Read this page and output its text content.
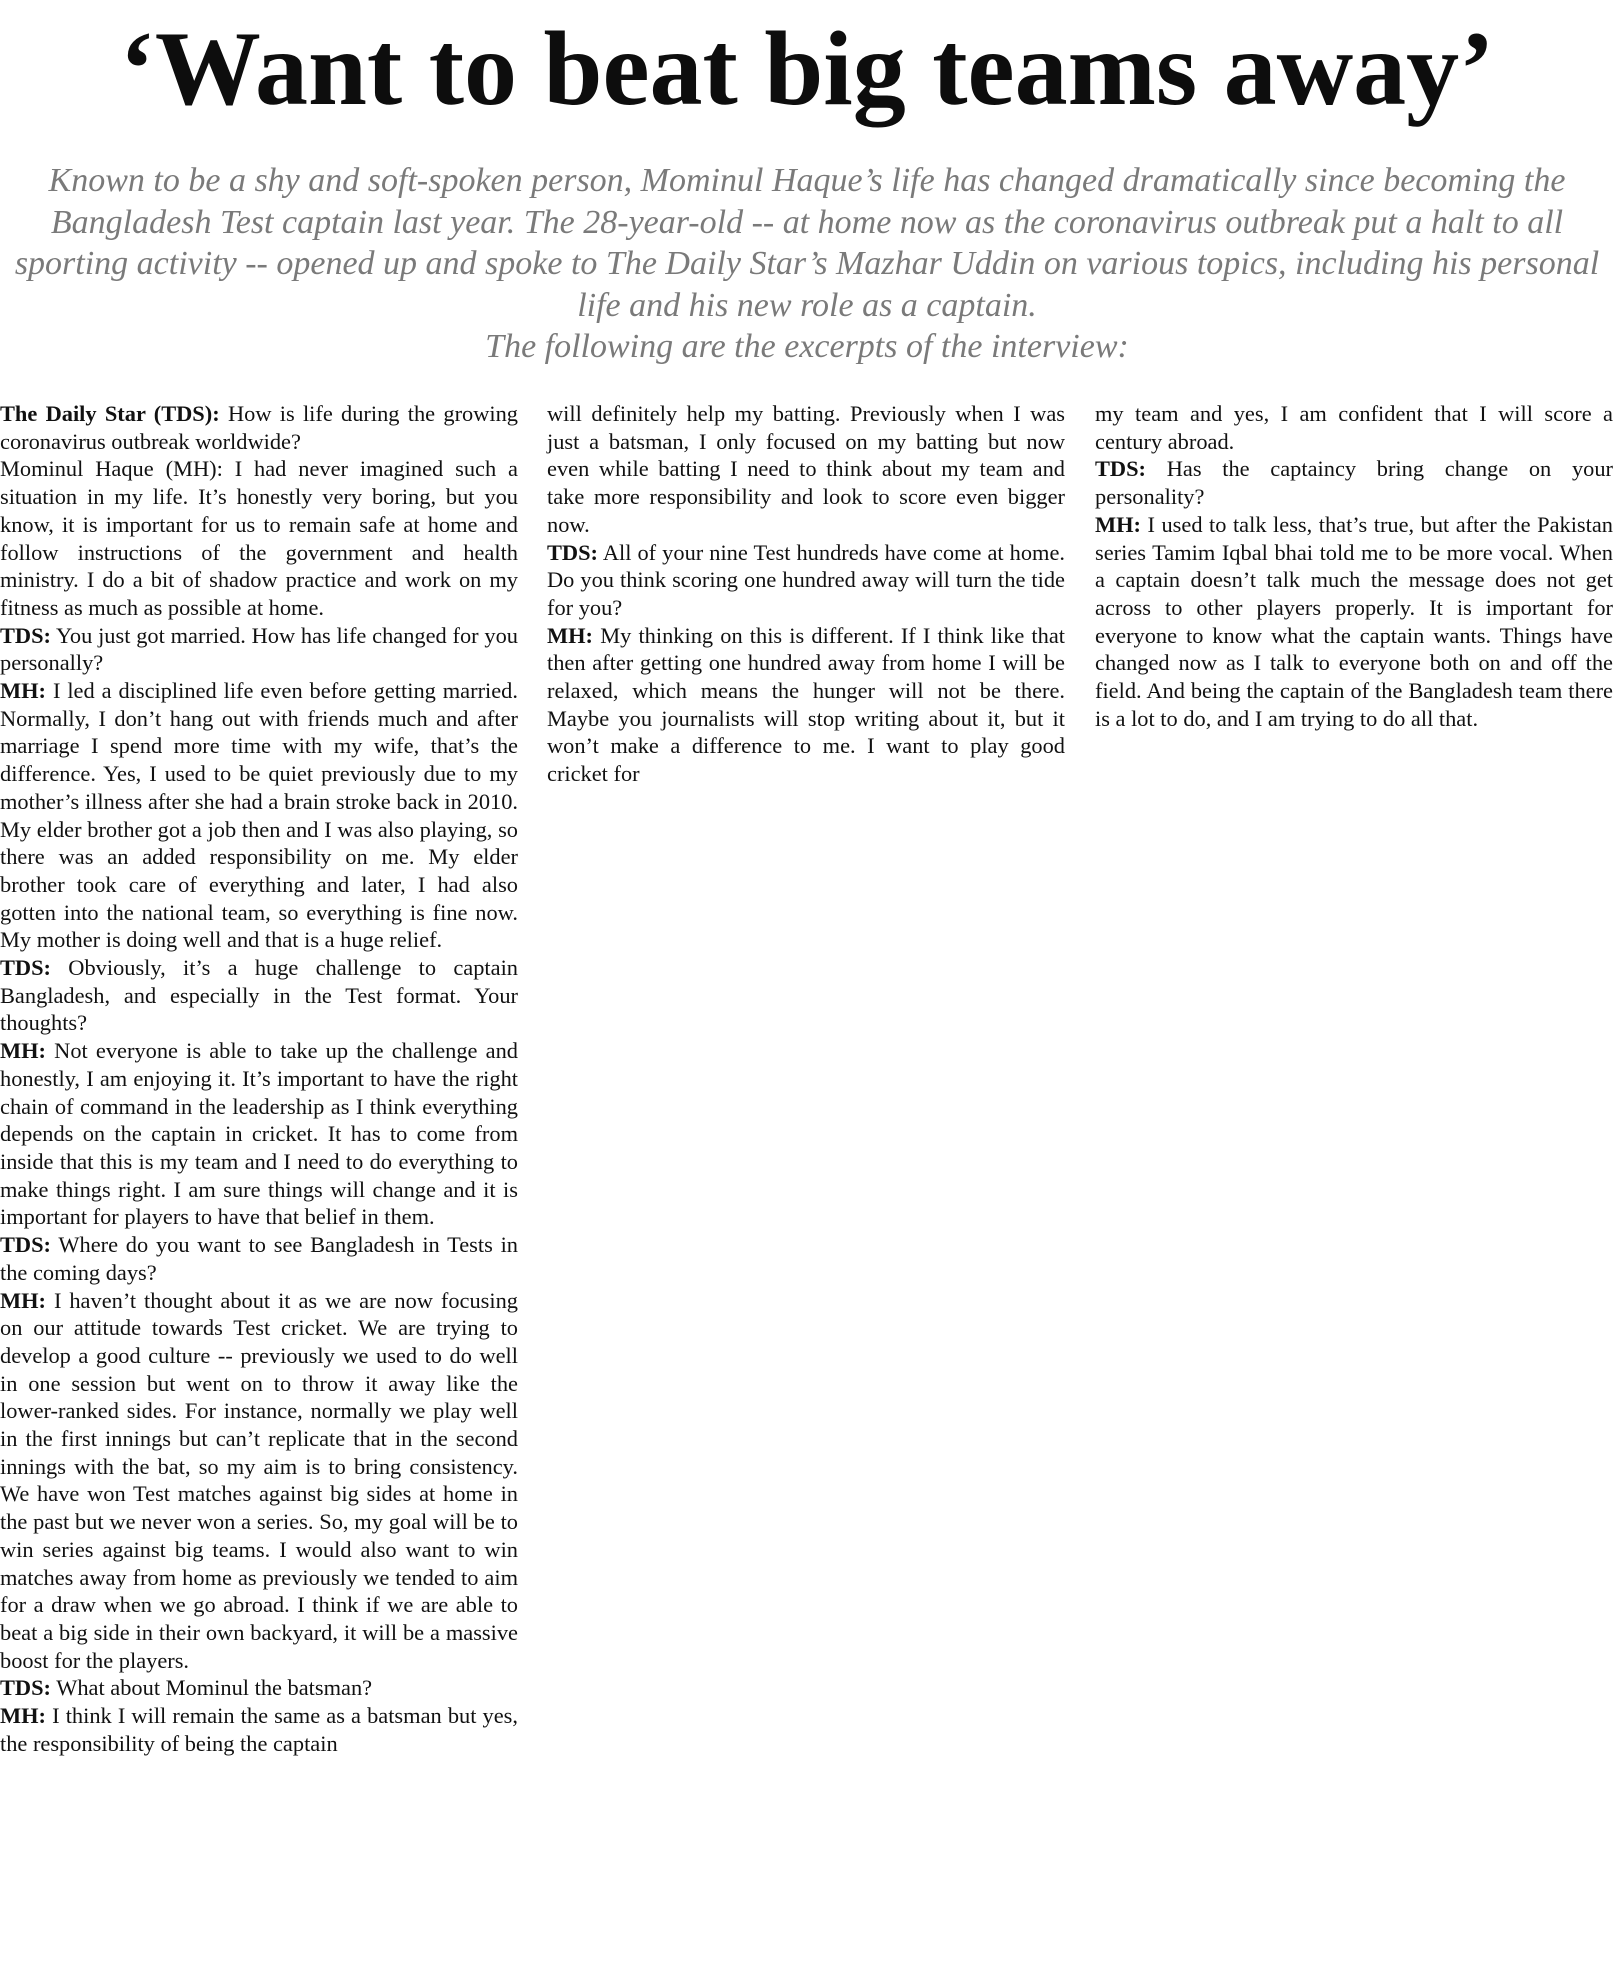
‘Want to beat big teams away’

Known to be a shy and soft-spoken person, Mominul Haque’s life has changed dramatically since becoming the Bangladesh Test captain last year. The 28-year-old -- at home now as the coronavirus outbreak put a halt to all sporting activity -- opened up and spoke to The Daily Star’s Mazhar Uddin on various topics, including his personal life and his new role as a captain.

The following are the excerpts of the interview:

The Daily Star (TDS): How is life during the growing coronavirus outbreak worldwide?

Mominul Haque (MH): I had never imagined such a situation in my life. It’s honestly very boring, but you know, it is important for us to remain safe at home and follow instructions of the government and health ministry. I do a bit of shadow practice and work on my fitness as much as possible at home.

TDS: You just got married. How has life changed for you personally?

MH: I led a disciplined life even before getting married. Normally, I don’t hang out with friends much and after marriage I spend more time with my wife, that’s the difference. Yes, I used to be quiet previously due to my mother’s illness after she had a brain stroke back in 2010. My elder brother got a job then and I was also playing, so there was an added responsibility on me. My elder brother took care of everything and later, I had also gotten into the national team, so everything is fine now. My mother is doing well and that is a huge relief.

TDS: Obviously, it’s a huge challenge to captain Bangladesh, and especially in the Test format. Your thoughts?

MH: Not everyone is able to take up the challenge and honestly, I am enjoying it. It’s important to have the right chain of command in the leadership as I think everything depends on the captain in cricket. It has to come from inside that this is my team and I need to do everything to make things right. I am sure things will change and it is important for players to have that belief in them.

TDS: Where do you want to see Bangladesh in Tests in the coming days?

MH: I haven’t thought about it as we are now focusing on our attitude towards Test cricket. We are trying to develop a good culture -- previously we used to do well in one session but went on to throw it away like the lower-ranked sides. For instance, normally we play well in the first innings but can’t replicate that in the second innings with the bat, so my aim is to bring consistency. We have won Test matches against big sides at home in the past but we never won a series. So, my goal will be to win series against big teams. I would also want to win matches away from home as previously we tended to aim for a draw when we go abroad. I think if we are able to beat a big side in their own backyard, it will be a massive boost for the players.

TDS: What about Mominul the batsman?

MH: I think I will remain the same as a batsman but yes, the responsibility of being the captain

will definitely help my batting. Previously when I was just a batsman, I only focused on my batting but now even while batting I need to think about my team and take more responsibility and look to score even bigger now.

TDS: All of your nine Test hundreds have come at home. Do you think scoring one hundred away will turn the tide for you?

MH: My thinking on this is different. If I think like that then after getting one hundred away from home I will be relaxed, which means the hunger will not be there. Maybe you journalists will stop writing about it, but it won’t make a difference to me. I want to play good cricket for

my team and yes, I am confident that I will score a century abroad.

TDS: Has the captaincy bring change on your personality?

MH: I used to talk less, that’s true, but after the Pakistan series Tamim Iqbal bhai told me to be more vocal. When a captain doesn’t talk much the message does not get across to other players properly. It is important for everyone to know what the captain wants. Things have changed now as I talk to everyone both on and off the field. And being the captain of the Bangladesh team there is a lot to do, and I am trying to do all that.
